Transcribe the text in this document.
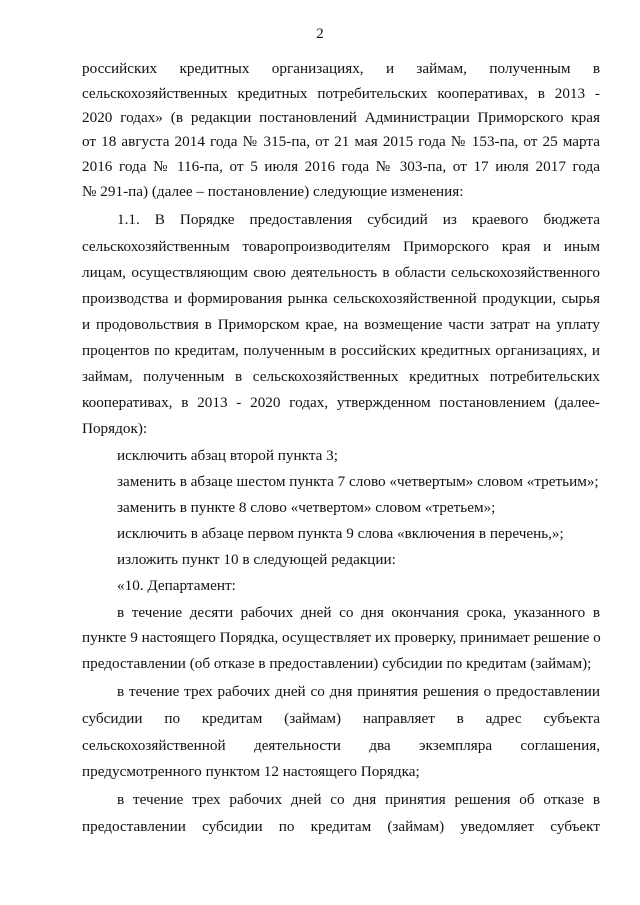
2
российских кредитных организациях, и займам, полученным в
сельскохозяйственных кредитных потребительских кооперативах, в 2013 -
2020 годах» (в редакции постановлений Администрации Приморского края
от 18 августа 2014 года № 315-па, от 21 мая 2015 года № 153-па, от 25 марта
2016 года № 116-па, от 5 июля 2016 года № 303-па, от 17 июля 2017 года
№ 291-па) (далее – постановление) следующие изменения:
1.1. В Порядке предоставления субсидий из краевого бюджета
сельскохозяйственным товаропроизводителям Приморского края и иным
лицам, осуществляющим свою деятельность в области сельскохозяйственного
производства и формирования рынка сельскохозяйственной продукции, сырья
и продовольствия в Приморском крае, на возмещение части затрат на уплату
процентов по кредитам, полученным в российских кредитных организациях, и
займам, полученным в сельскохозяйственных кредитных потребительских
кооперативах, в 2013 - 2020 годах, утвержденном постановлением (далее-
Порядок):
исключить абзац второй пункта 3;
заменить в абзаце шестом пункта 7 слово «четвертым» словом «третьим»;
заменить в пункте 8 слово «четвертом» словом «третьем»;
исключить в абзаце первом пункта 9 слова «включения в перечень,»;
изложить пункт 10 в следующей редакции:
«10. Департамент:
в течение десяти рабочих дней со дня окончания срока, указанного в
пункте 9 настоящего Порядка, осуществляет их проверку, принимает решение о
предоставлении (об отказе в предоставлении) субсидии по кредитам (займам);
в течение трех рабочих дней со дня принятия решения о предоставлении
субсидии по кредитам (займам) направляет в адрес субъекта
сельскохозяйственной деятельности два экземпляра соглашения,
предусмотренного пунктом 12 настоящего Порядка;
в течение трех рабочих дней со дня принятия решения об отказе в
предоставлении субсидии по кредитам (займам) уведомляет субъект
